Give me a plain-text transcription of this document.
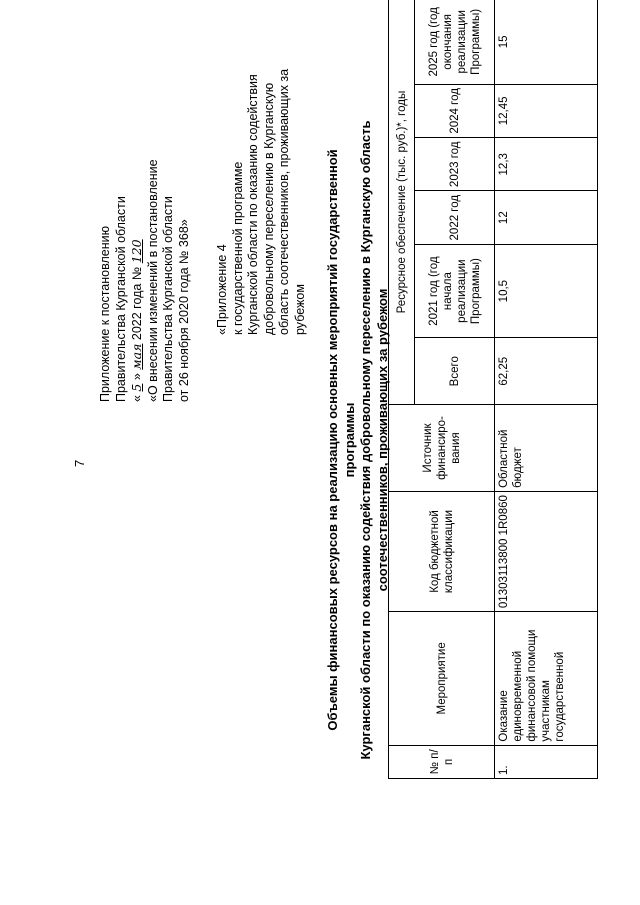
7
Приложение к постановлению Правительства Курганской области « 5 » мая 2022 года № 120 «О внесении изменений в постановление Правительства Курганской области от 26 ноября 2020 года № 368» «Приложение 4 к государственной программе Курганской области по оказанию содействия добровольному переселению в Курганскую область соотечественников, проживающих за рубежом Объемы финансовых ресурсов на реализацию основных мероприятий государственной программы Курганской области по оказанию содействия добровольному переселению в Курганскую область соотечественников, проживающих за рубежом
№ п/п	Мероприятие	Код бюджетной классификации	Источник финансиро-вания	Ресурсное обеспечение (тыс. руб.)*, годы					
				Всего	2021 год (год начала реализации Программы)	2022 год	2023 год	2024 год	2025 год (год окончания реализации Программы)
1.	Оказание единовременной финансовой помощи участникам государственной	01303113800 1R0860	Областной бюджет	62,25	10,5	12	12,3	12,45	15
